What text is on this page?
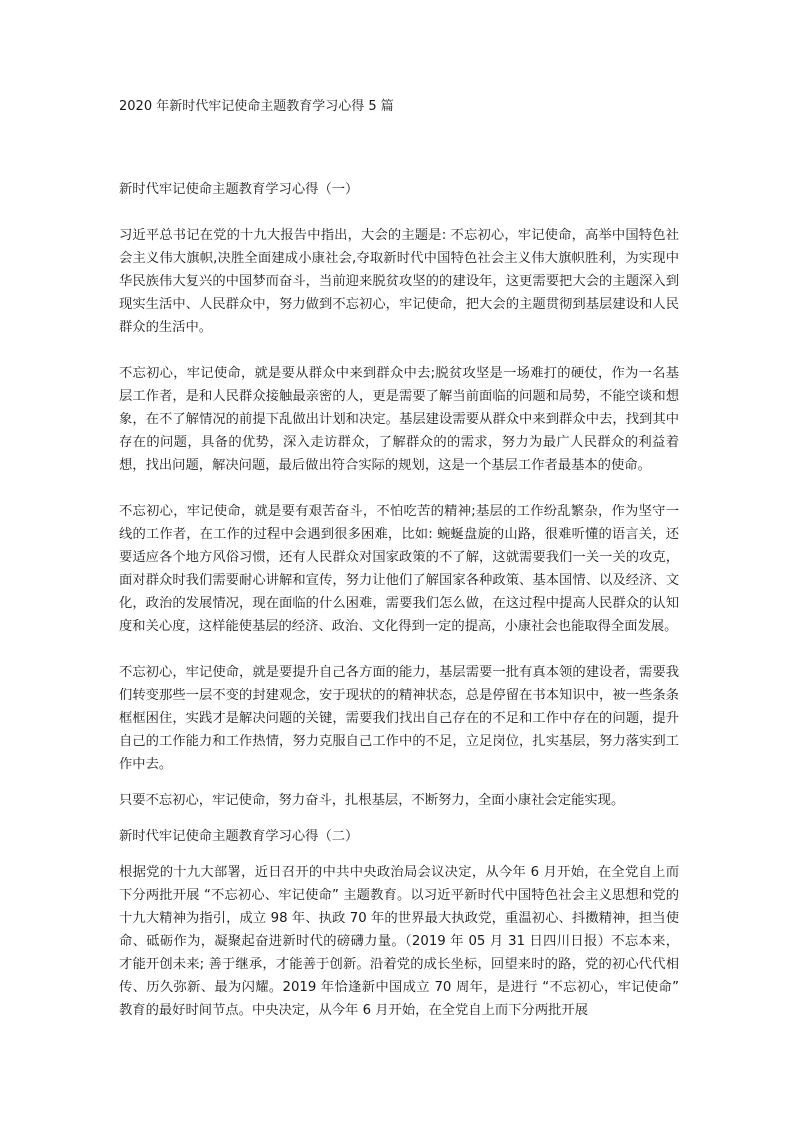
2020 年新时代牢记使命主题教育学习心得 5 篇
新时代牢记使命主题教育学习心得（一）

习近平总书记在党的十九大报告中指出，大会的主题是: 不忘初心，牢记使命，高举中国特色社会主义伟大旗帜,决胜全面建成小康社会,夺取新时代中国特色社会主义伟大旗帜胜利，为实现中华民族伟大复兴的中国梦而奋斗，当前迎来脱贫攻坚的的建设年，这更需要把大会的主题深入到现实生活中、人民群众中，努力做到不忘初心，牢记使命，把大会的主题贯彻到基层建设和人民群众的生活中。

不忘初心，牢记使命，就是要从群众中来到群众中去;脱贫攻坚是一场难打的硬仗，作为一名基层工作者，是和人民群众接触最亲密的人，更是需要了解当前面临的问题和局势，不能空谈和想象，在不了解情况的前提下乱做出计划和决定。基层建设需要从群众中来到群众中去，找到其中存在的问题，具备的优势，深入走访群众，了解群众的的需求，努力为最广人民群众的利益着想，找出问题，解决问题，最后做出符合实际的规划，这是一个基层工作者最基本的使命。

不忘初心，牢记使命，就是要有艰苦奋斗，不怕吃苦的精神;基层的工作纷乱繁杂，作为坚守一线的工作者，在工作的过程中会遇到很多困难，比如: 蜿蜒盘旋的山路，很难听懂的语言关，还要适应各个地方风俗习惯，还有人民群众对国家政策的不了解，这就需要我们一关一关的攻克，面对群众时我们需要耐心讲解和宣传，努力让他们了解国家各种政策、基本国情、以及经济、文化，政治的发展情况，现在面临的什么困难，需要我们怎么做，在这过程中提高人民群众的认知度和关心度，这样能使基层的经济、政治、文化得到一定的提高，小康社会也能取得全面发展。

不忘初心，牢记使命，就是要提升自己各方面的能力，基层需要一批有真本领的建设者，需要我们转变那些一层不变的封建观念，安于现状的的精神状态，总是停留在书本知识中，被一些条条框框困住，实践才是解决问题的关键，需要我们找出自己存在的不足和工作中存在的问题，提升自己的工作能力和工作热情，努力克服自己工作中的不足，立足岗位，扎实基层，努力落实到工作中去。

只要不忘初心，牢记使命，努力奋斗，扎根基层，不断努力，全面小康社会定能实现。

新时代牢记使命主题教育学习心得（二）

根据党的十九大部署，近日召开的中共中央政治局会议决定，从今年 6 月开始，在全党自上而下分两批开展 “不忘初心、牢记使命” 主题教育。以习近平新时代中国特色社会主义思想和党的十九大精神为指引，成立 98 年、执政 70 年的世界最大执政党，重温初心、抖擞精神，担当使命、砥砺作为，凝聚起奋进新时代的磅礴力量。（2019 年 05 月 31 日四川日报）不忘本来，才能开创未来; 善于继承，才能善于创新。沿着党的成长坐标，回望来时的路，党的初心代代相传、历久弥新、最为闪耀。2019 年恰逢新中国成立 70 周年，是进行 “不忘初心，牢记使命” 教育的最好时间节点。中央决定，从今年 6 月开始，在全党自上而下分两批开展
